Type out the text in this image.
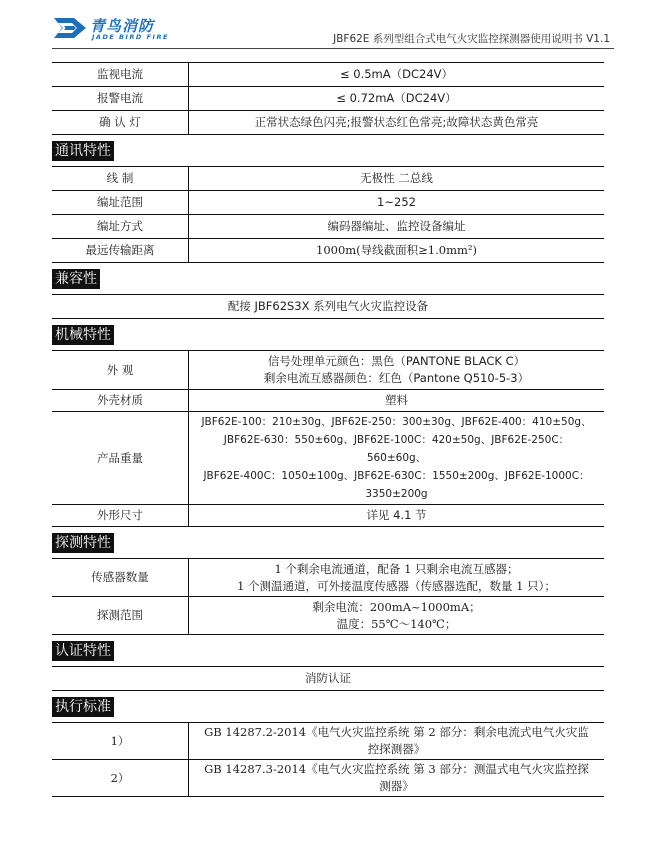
青鸟消防
JADE BIRD FIRE	JBF62E 系列型组合式电气火灾监控探测器使用说明书 V1.1
监视电流	≤ 0.5mA（DC24V）
报警电流	≤ 0.72mA（DC24V）
确 认 灯	正常状态绿色闪亮;报警状态红色常亮;故障状态黄色常亮
通讯特性
线 制	无极性 二总线
编址范围	1~252
编址方式	编码器编址、监控设备编址
最远传输距离	1000m(导线截面积≥1.0mm²)
兼容性
配接 JBF62S3X 系列电气火灾监控设备
机械特性
外 观	信号处理单元颜色：黑色（PANTONE BLACK C）
剩余电流互感器颜色：红色（Pantone Q510-5-3）

外壳材质	塑料
产品重量	JBF62E-100：210±30g、JBF62E-250：300±30g、JBF62E-400：410±50g、
JBF62E-630：550±60g、JBF62E-100C：420±50g、JBF62E-250C：560±60g、
JBF62E-400C：1050±100g、JBF62E-630C：1550±200g、JBF62E-1000C：
3350±200g

外形尺寸	详见 4.1 节
探测特性
传感器数量	1 个剩余电流通道，配备 1 只剩余电流互感器；
1 个测温通道，可外接温度传感器（传感器选配，数量 1 只）；

探测范围	剩余电流：200mA~1000mA；
温度：55℃～140℃；
认证特性
消防认证
执行标准
1）	GB 14287.2-2014《电气火灾监控系统 第 2 部分：剩余电流式电气火灾监
控探测器》

2）	GB 14287.3-2014《电气火灾监控系统 第 3 部分：测温式电气火灾监控探
测器》
